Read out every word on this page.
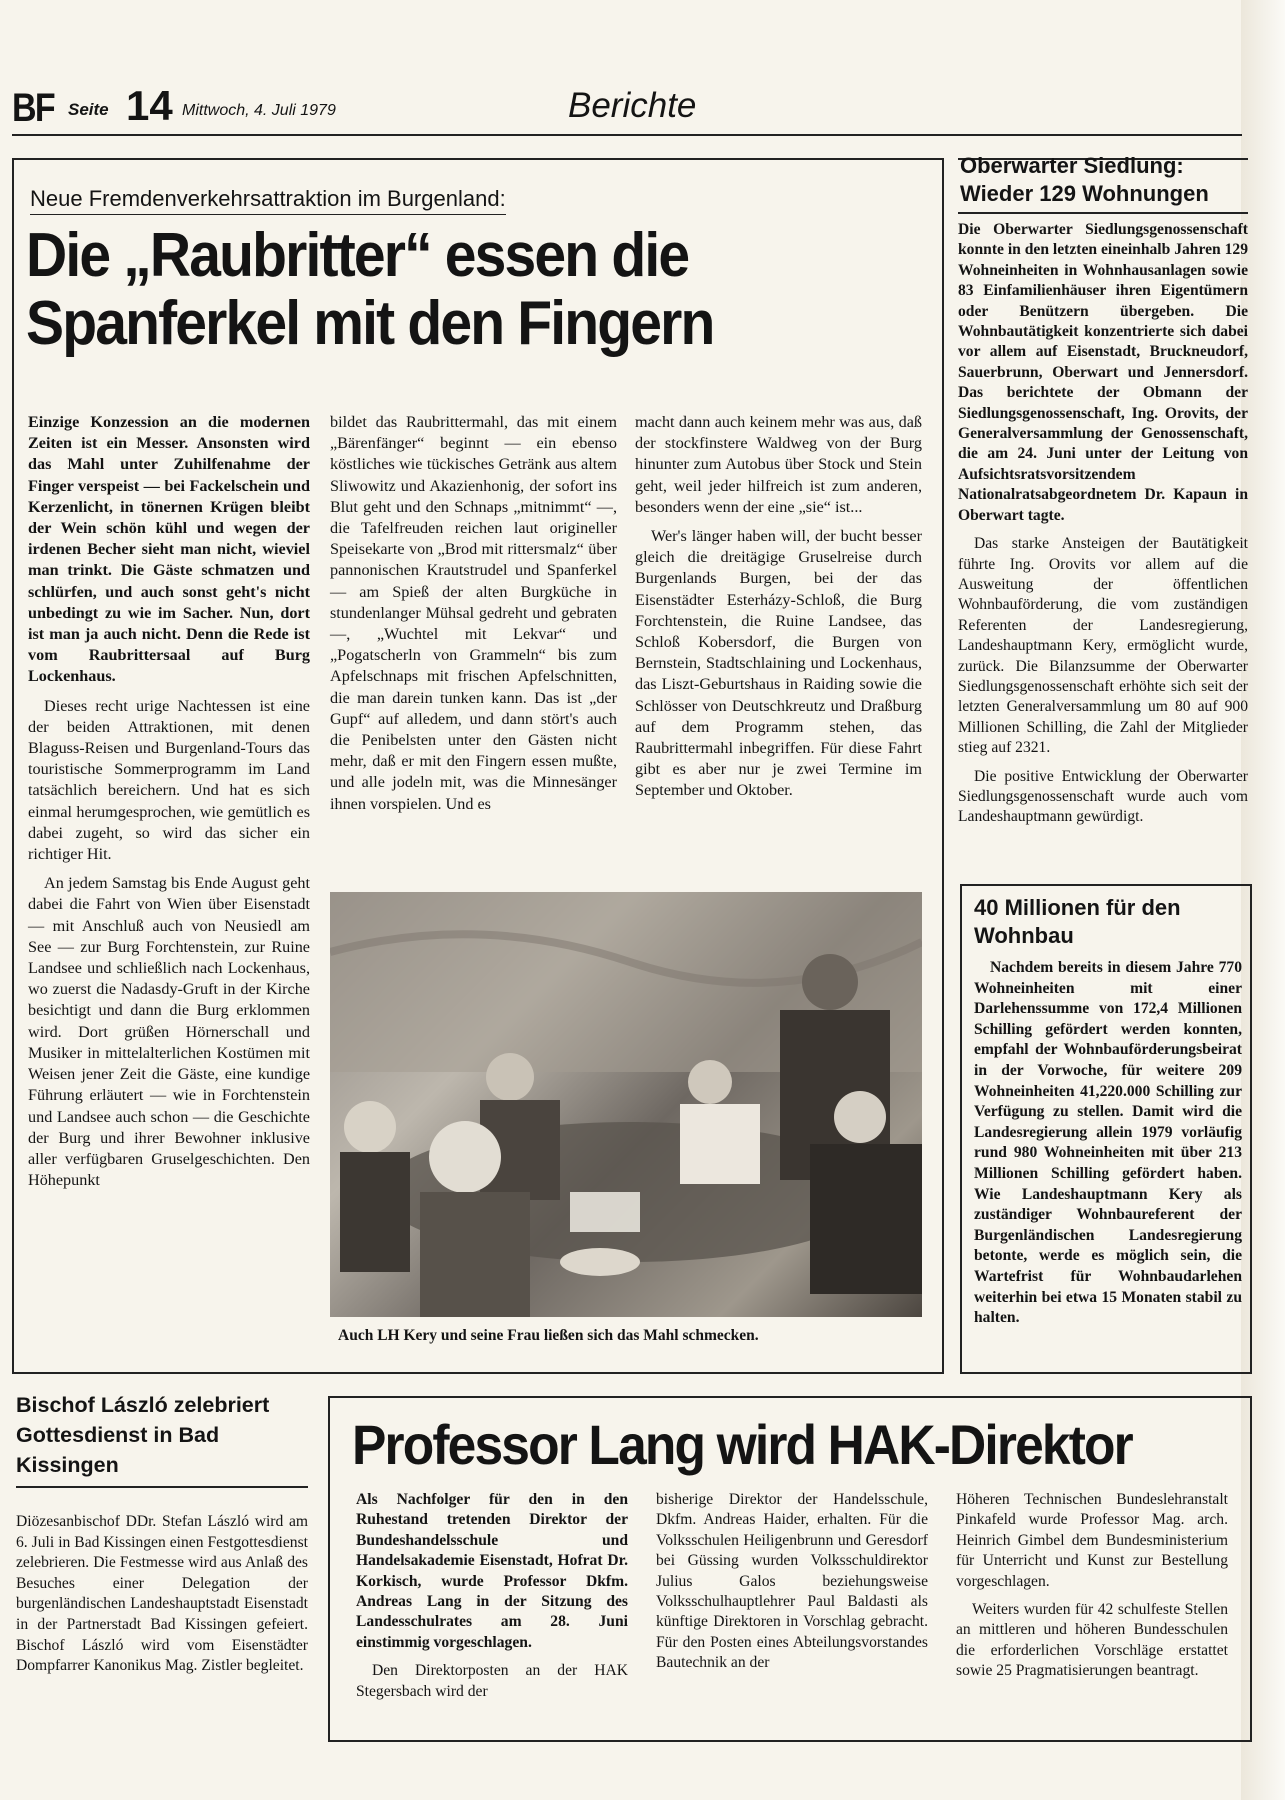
BF Seite 14 Mittwoch, 4. Juli 1979	Berichte
Neue Fremdenverkehrsattraktion im Burgenland:
Die „Raubritter“ essen die Spanferkel mit den Fingern

Einzige Konzession an die modernen Zeiten ist ein Messer. Ansonsten wird das Mahl unter Zuhilfenahme der Finger verspeist — bei Fackelschein und Kerzenlicht, in tönernen Krügen bleibt der Wein schön kühl und wegen der irdenen Becher sieht man nicht, wieviel man trinkt. Die Gäste schmatzen und schlürfen, und auch sonst geht's nicht unbedingt zu wie im Sacher. Nun, dort ist man ja auch nicht. Denn die Rede ist vom Raubrittersaal auf Burg Lockenhaus.

Dieses recht urige Nachtessen ist eine der beiden Attraktionen, mit denen Blaguss-Reisen und Burgenland-Tours das touristische Sommerprogramm im Land tatsächlich bereichern. Und hat es sich einmal herumgesprochen, wie gemütlich es dabei zugeht, so wird das sicher ein richtiger Hit.

An jedem Samstag bis Ende August geht dabei die Fahrt von Wien über Eisenstadt — mit Anschluß auch von Neusiedl am See — zur Burg Forchtenstein, zur Ruine Landsee und schließlich nach Lockenhaus, wo zuerst die Nadasdy-Gruft in der Kirche besichtigt und dann die Burg erklommen wird. Dort grüßen Hörnerschall und Musiker in mittelalterlichen Kostümen mit Weisen jener Zeit die Gäste, eine kundige Führung erläutert — wie in Forchtenstein und Landsee auch schon — die Geschichte der Burg und ihrer Bewohner inklusive aller verfügbaren Gruselgeschichten. Den Höhepunkt

bildet das Raubrittermahl, das mit einem „Bärenfänger“ beginnt — ein ebenso köstliches wie tückisches Getränk aus altem Sliwowitz und Akazienhonig, der sofort ins Blut geht und den Schnaps „mitnimmt“ —, die Tafelfreuden reichen laut origineller Speisekarte von „Brod mit rittersmalz“ über pannonischen Krautstrudel und Spanferkel — am Spieß der alten Burgküche in stundenlanger Mühsal gedreht und gebraten —, „Wuchtel mit Lekvar“ und „Pogatscherln von Grammeln“ bis zum Apfelschnaps mit frischen Apfelschnitten, die man darein tunken kann. Das ist „der Gupf“ auf alledem, und dann stört's auch die Penibelsten unter den Gästen nicht mehr, daß er mit den Fingern essen mußte, und alle jodeln mit, was die Minnesänger ihnen vorspielen. Und es

macht dann auch keinem mehr was aus, daß der stockfinstere Waldweg von der Burg hinunter zum Autobus über Stock und Stein geht, weil jeder hilfreich ist zum anderen, besonders wenn der eine „sie“ ist...

Wer's länger haben will, der bucht besser gleich die dreitägige Gruselreise durch Burgenlands Burgen, bei der das Eisenstädter Esterházy-Schloß, die Burg Forchtenstein, die Ruine Landsee, das Schloß Kobersdorf, die Burgen von Bernstein, Stadtschlaining und Lockenhaus, das Liszt-Geburtshaus in Raiding sowie die Schlösser von Deutschkreutz und Draßburg auf dem Programm stehen, das Raubrittermahl inbegriffen. Für diese Fahrt gibt es aber nur je zwei Termine im September und Oktober.

Auch LH Kery und seine Frau ließen sich das Mahl schmecken.
Oberwarter Siedlung:
Wieder 129 Wohnungen

Die Oberwarter Siedlungsgenossenschaft konnte in den letzten eineinhalb Jahren 129 Wohneinheiten in Wohnhausanlagen sowie 83 Einfamilienhäuser ihren Eigentümern oder Benützern übergeben. Die Wohnbautätigkeit konzentrierte sich dabei vor allem auf Eisenstadt, Bruckneudorf, Sauerbrunn, Oberwart und Jennersdorf. Das berichtete der Obmann der Siedlungsgenossenschaft, Ing. Orovits, der Generalversammlung der Genossenschaft, die am 24. Juni unter der Leitung von Aufsichtsratsvorsitzendem Nationalratsabgeordnetem Dr. Kapaun in Oberwart tagte.

Das starke Ansteigen der Bautätigkeit führte Ing. Orovits vor allem auf die Ausweitung der öffentlichen Wohnbauförderung, die vom zuständigen Referenten der Landesregierung, Landeshauptmann Kery, ermöglicht wurde, zurück. Die Bilanzsumme der Oberwarter Siedlungsgenossenschaft erhöhte sich seit der letzten Generalversammlung um 80 auf 900 Millionen Schilling, die Zahl der Mitglieder stieg auf 2321.

Die positive Entwicklung der Oberwarter Siedlungsgenossenschaft wurde auch vom Landeshauptmann gewürdigt.

40 Millionen für den Wohnbau

Nachdem bereits in diesem Jahre 770 Wohneinheiten mit einer Darlehenssumme von 172,4 Millionen Schilling gefördert werden konnten, empfahl der Wohnbauförderungsbeirat in der Vorwoche, für weitere 209 Wohneinheiten 41,220.000 Schilling zur Verfügung zu stellen. Damit wird die Landesregierung allein 1979 vorläufig rund 980 Wohneinheiten mit über 213 Millionen Schilling gefördert haben. Wie Landeshauptmann Kery als zuständiger Wohnbaureferent der Burgenländischen Landesregierung betonte, werde es möglich sein, die Wartefrist für Wohnbaudarlehen weiterhin bei etwa 15 Monaten stabil zu halten.

Bischof László zelebriert Gottesdienst in Bad Kissingen

Diözesanbischof DDr. Stefan László wird am 6. Juli in Bad Kissingen einen Festgottesdienst zelebrieren. Die Festmesse wird aus Anlaß des Besuches einer Delegation der burgenländischen Landeshauptstadt Eisenstadt in der Partnerstadt Bad Kissingen gefeiert. Bischof László wird vom Eisenstädter Dompfarrer Kanonikus Mag. Zistler begleitet.

Professor Lang wird HAK-Direktor

Als Nachfolger für den in den Ruhestand tretenden Direktor der Bundeshandelsschule und Handelsakademie Eisenstadt, Hofrat Dr. Korkisch, wurde Professor Dkfm. Andreas Lang in der Sitzung des Landesschulrates am 28. Juni einstimmig vorgeschlagen.

Den Direktorposten an der HAK Stegersbach wird der

bisherige Direktor der Handelsschule, Dkfm. Andreas Haider, erhalten. Für die Volksschulen Heiligenbrunn und Geresdorf bei Güssing wurden Volksschuldirektor Julius Galos beziehungsweise Volksschulhauptlehrer Paul Baldasti als künftige Direktoren in Vorschlag gebracht. Für den Posten eines Abteilungsvorstandes Bautechnik an der

Höheren Technischen Bundeslehranstalt Pinkafeld wurde Professor Mag. arch. Heinrich Gimbel dem Bundesministerium für Unterricht und Kunst zur Bestellung vorgeschlagen.

Weiters wurden für 42 schulfeste Stellen an mittleren und höheren Bundesschulen die erforderlichen Vorschläge erstattet sowie 25 Pragmatisierungen beantragt.
